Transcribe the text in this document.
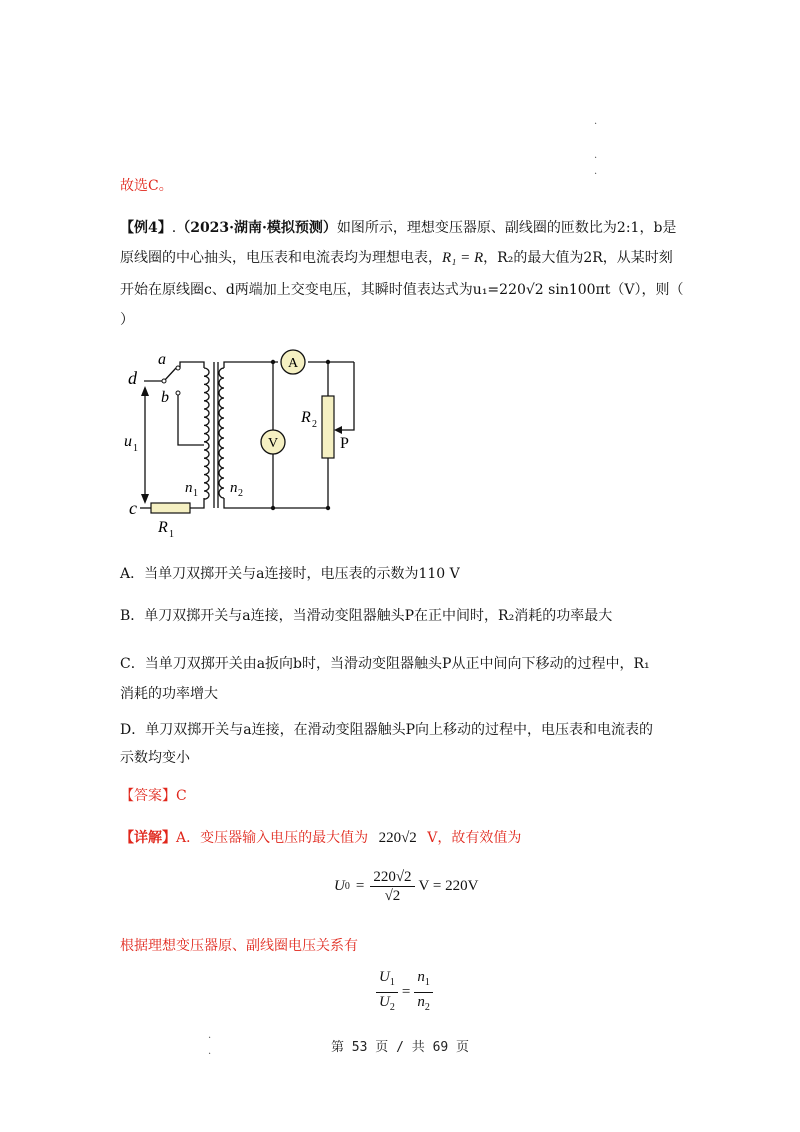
.
.
.
故选C。
【例4】.（2023·湖南·模拟预测）如图所示，理想变压器原、副线圈的匝数比为2:1，b是
原线圈的中心抽头，电压表和电流表均为理想电表，R₁ = R，R₂的最大值为2R，从某时刻
开始在原线圈c、d两端加上交变电压，其瞬时值表达式为u₁=220√2 sin100πt（V），则（
）
a
b
d
c
u 1
n 1 n 2
R 1
R 2
P
A
V
A．当单刀双掷开关与a连接时，电压表的示数为110 V
B．单刀双掷开关与a连接，当滑动变阻器触头P在正中间时，R₂消耗的功率最大
C．当单刀双掷开关由a扳向b时，当滑动变阻器触头P从正中间向下移动的过程中，R₁
消耗的功率增大
D．单刀双掷开关与a连接，在滑动变阻器触头P向上移动的过程中，电压表和电流表的
示数均变小
【答案】C
【详解】A．变压器输入电压的最大值为 220√2 V，故有效值为
U $0 = \frac{220√2}{√2}$ V = 220V
根据理想变压器原、副线圈电压关系有
$\frac{U_1}{U_2} = \frac{n_1}{n_2}$
.
.	第 53 页 / 共 69 页
